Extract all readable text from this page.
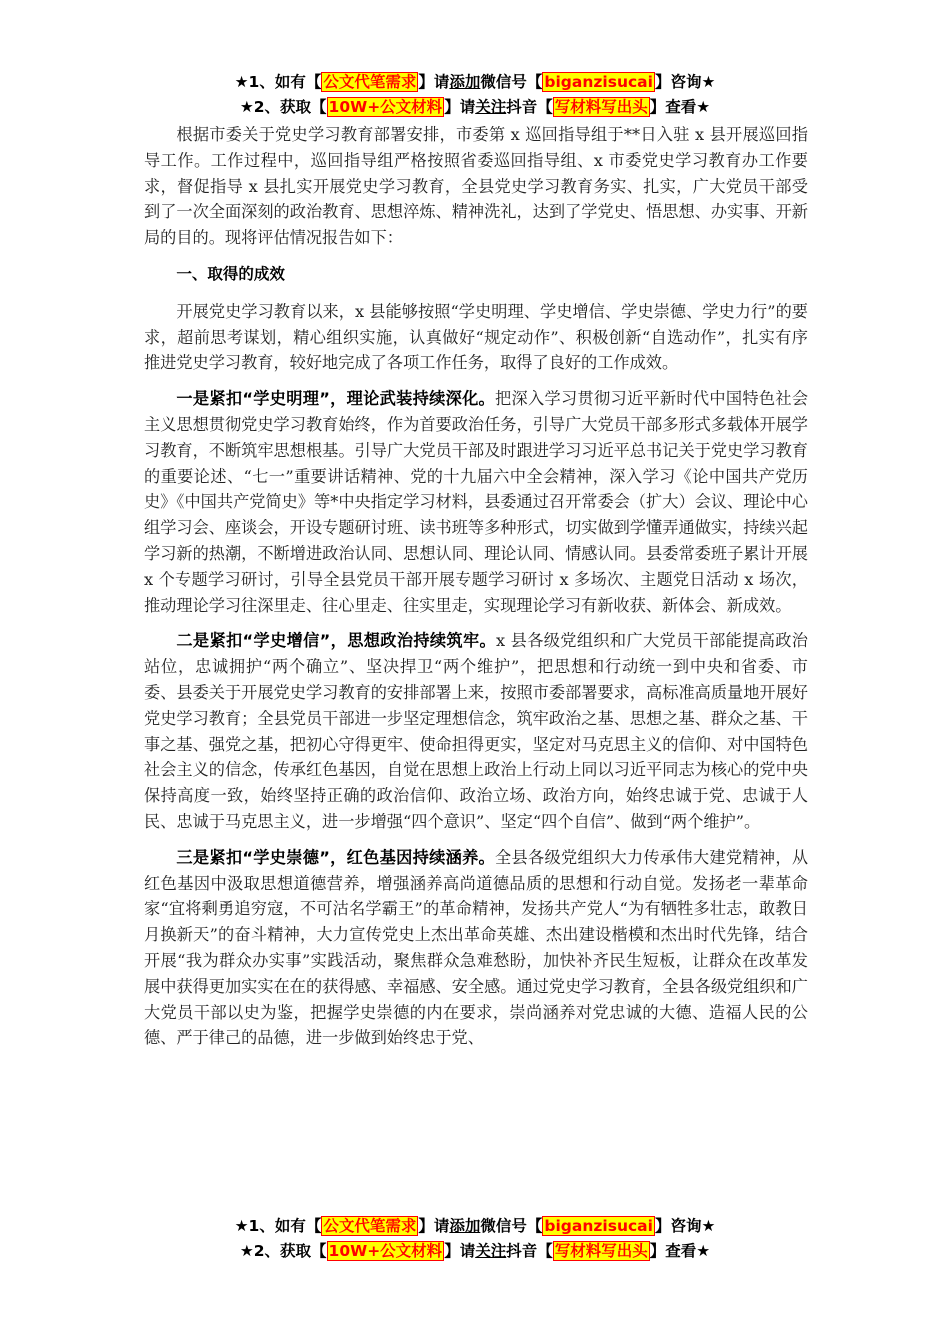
★1、如有【 公文代笔需求 】请添加微信号【 biganzisucai 】咨询★
★2、获取【 10W+公文材料 】请关注抖音【 写材料写出头 】查看★

根据市委关于党史学习教育部署安排，市委第 x 巡回指导组于**日入驻 x 县开展巡回指导工作。工作过程中，巡回指导组严格按照省委巡回指导组、x 市委党史学习教育办工作要求，督促指导 x 县扎实开展党史学习教育，全县党史学习教育务实、扎实，广大党员干部受到了一次全面深刻的政治教育、思想淬炼、精神洗礼，达到了学党史、悟思想、办实事、开新局的目的。现将评估情况报告如下：

一、取得的成效

开展党史学习教育以来，x 县能够按照“学史明理、学史增信、学史崇德、学史力行”的要求，超前思考谋划，精心组织实施，认真做好“规定动作”、积极创新“自选动作”，扎实有序推进党史学习教育，较好地完成了各项工作任务，取得了良好的工作成效。

一是紧扣“学史明理”，理论武装持续深化。把深入学习贯彻习近平新时代中国特色社会主义思想贯彻党史学习教育始终，作为首要政治任务，引导广大党员干部多形式多载体开展学习教育，不断筑牢思想根基。引导广大党员干部及时跟进学习习近平总书记关于党史学习教育的重要论述、“七一”重要讲话精神、党的十九届六中全会精神，深入学习《论中国共产党历史》《中国共产党简史》等*中央指定学习材料，县委通过召开常委会（扩大）会议、理论中心组学习会、座谈会，开设专题研讨班、读书班等多种形式，切实做到学懂弄通做实，持续兴起学习新的热潮，不断增进政治认同、思想认同、理论认同、情感认同。县委常委班子累计开展 x 个专题学习研讨，引导全县党员干部开展专题学习研讨 x 多场次、主题党日活动 x 场次，推动理论学习往深里走、往心里走、往实里走，实现理论学习有新收获、新体会、新成效。

二是紧扣“学史增信”，思想政治持续筑牢。x 县各级党组织和广大党员干部能提高政治站位，忠诚拥护“两个确立”、坚决捍卫“两个维护”，把思想和行动统一到中央和省委、市委、县委关于开展党史学习教育的安排部署上来，按照市委部署要求，高标准高质量地开展好党史学习教育；全县党员干部进一步坚定理想信念，筑牢政治之基、思想之基、群众之基、干事之基、强党之基，把初心守得更牢、使命担得更实，坚定对马克思主义的信仰、对中国特色社会主义的信念，传承红色基因，自觉在思想上政治上行动上同以习近平同志为核心的党中央保持高度一致，始终坚持正确的政治信仰、政治立场、政治方向，始终忠诚于党、忠诚于人民、忠诚于马克思主义，进一步增强“四个意识”、坚定“四个自信”、做到“两个维护”。

三是紧扣“学史崇德”，红色基因持续涵养。全县各级党组织大力传承伟大建党精神，从红色基因中汲取思想道德营养，增强涵养高尚道德品质的思想和行动自觉。发扬老一辈革命家“宜将剩勇追穷寇，不可沽名学霸王”的革命精神，发扬共产党人“为有牺牲多壮志，敢教日月换新天”的奋斗精神，大力宣传党史上杰出革命英雄、杰出建设楷模和杰出时代先锋，结合开展“我为群众办实事”实践活动，聚焦群众急难愁盼，加快补齐民生短板，让群众在改革发展中获得更加实实在在的获得感、幸福感、安全感。通过党史学习教育，全县各级党组织和广大党员干部以史为鉴，把握学史崇德的内在要求，崇尚涵养对党忠诚的大德、造福人民的公德、严于律己的品德，进一步做到始终忠于党、

★1、如有【 公文代笔需求 】请添加微信号【 biganzisucai 】咨询★
★2、获取【 10W+公文材料 】请关注抖音【 写材料写出头 】查看★
